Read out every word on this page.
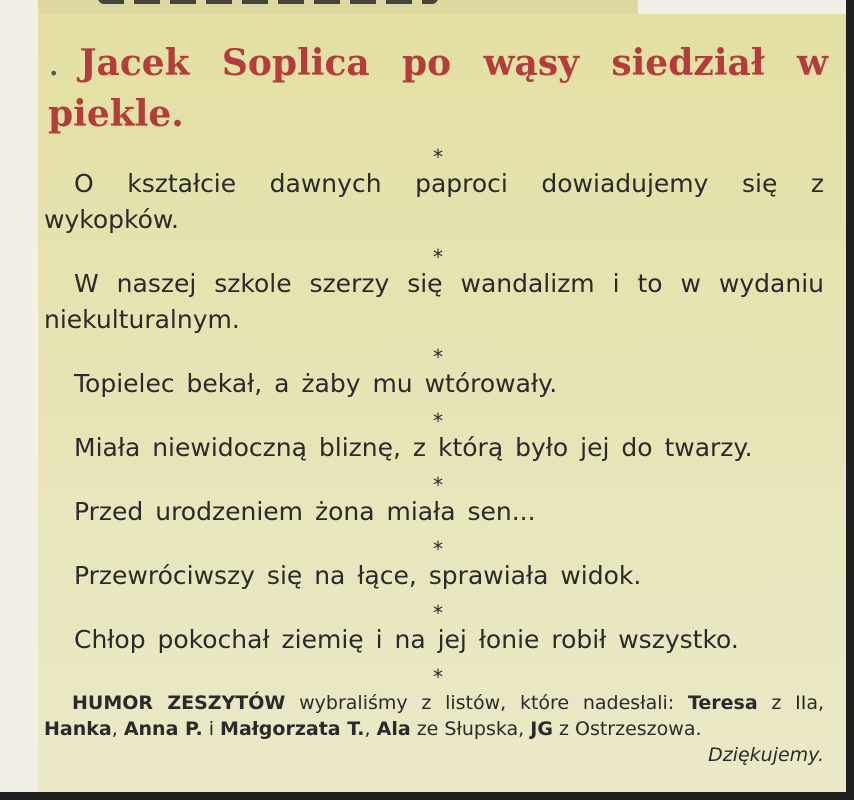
. Jacek Soplica po wąsy siedział w piekle.
*

O kształcie dawnych paproci dowiadujemy się z wykopków.

*

W naszej szkole szerzy się wandalizm i to w wydaniu niekulturalnym.

*

Topielec bekał, a żaby mu wtórowały.

*

Miała niewidoczną bliznę, z którą było jej do twarzy.

*

Przed urodzeniem żona miała sen...

*

Przewróciwszy się na łące, sprawiała widok.

*

Chłop pokochał ziemię i na jej łonie robił wszystko.

*

HUMOR ZESZYTÓW wybraliśmy z listów, które nadesłali: Teresa z IIa, Hanka, Anna P. i Małgorzata T., Ala ze Słupska, JG z Ostrzeszowa.
Dziękujemy.
